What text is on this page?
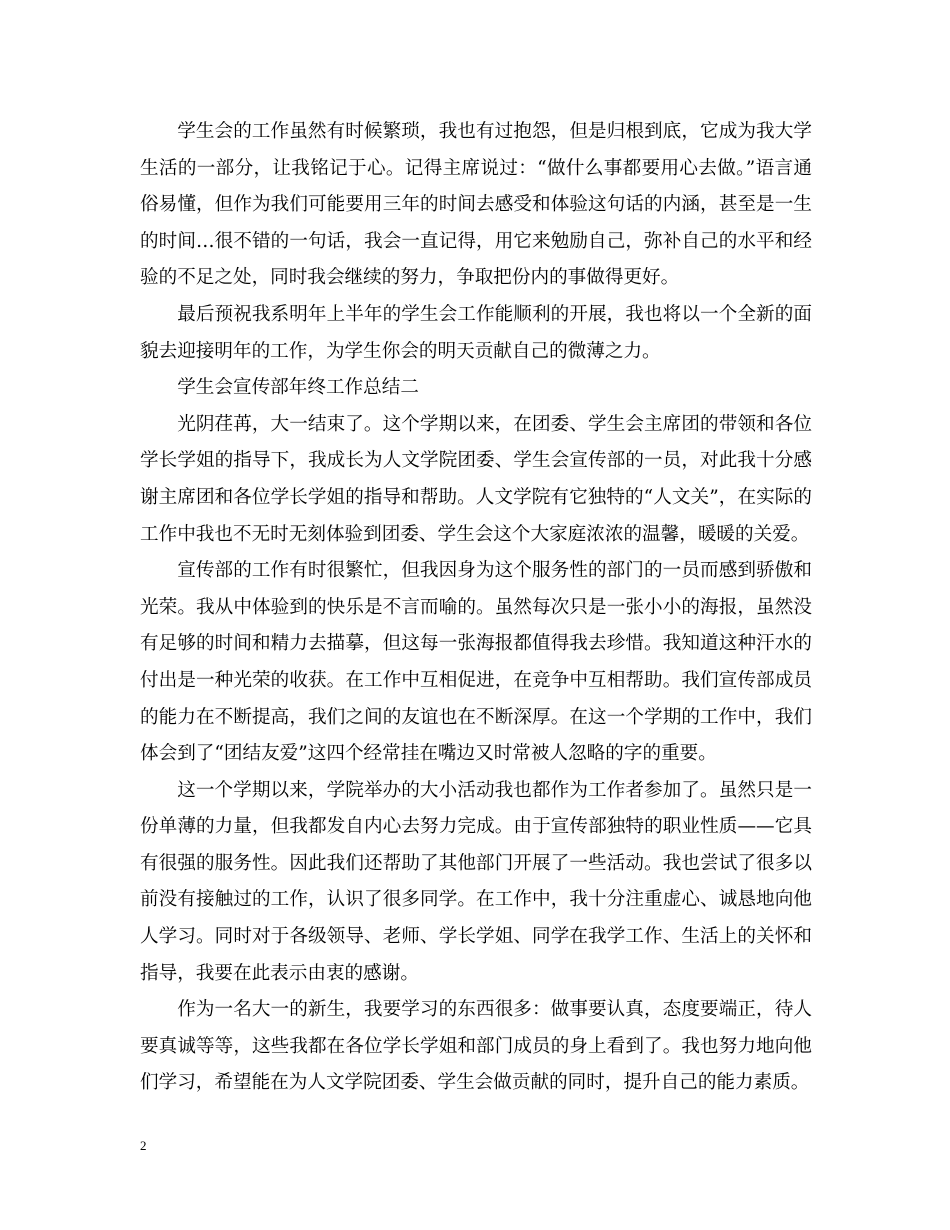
学生会的工作虽然有时候繁琐，我也有过抱怨，但是归根到底，它成为我大学生活的一部分，让我铭记于心。记得主席说过：“做什么事都要用心去做。”语言通俗易懂，但作为我们可能要用三年的时间去感受和体验这句话的内涵，甚至是一生的时间…很不错的一句话，我会一直记得，用它来勉励自己，弥补自己的水平和经验的不足之处，同时我会继续的努力，争取把份内的事做得更好。

最后预祝我系明年上半年的学生会工作能顺利的开展，我也将以一个全新的面貌去迎接明年的工作，为学生你会的明天贡献自己的微薄之力。

学生会宣传部年终工作总结二

光阴荏苒，大一结束了。这个学期以来，在团委、学生会主席团的带领和各位学长学姐的指导下，我成长为人文学院团委、学生会宣传部的一员，对此我十分感谢主席团和各位学长学姐的指导和帮助。人文学院有它独特的“人文关”，在实际的工作中我也不无时无刻体验到团委、学生会这个大家庭浓浓的温馨，暖暖的关爱。

宣传部的工作有时很繁忙，但我因身为这个服务性的部门的一员而感到骄傲和光荣。我从中体验到的快乐是不言而喻的。虽然每次只是一张小小的海报，虽然没有足够的时间和精力去描摹，但这每一张海报都值得我去珍惜。我知道这种汗水的付出是一种光荣的收获。在工作中互相促进，在竞争中互相帮助。我们宣传部成员的能力在不断提高，我们之间的友谊也在不断深厚。在这一个学期的工作中，我们体会到了“团结友爱”这四个经常挂在嘴边又时常被人忽略的字的重要。

这一个学期以来，学院举办的大小活动我也都作为工作者参加了。虽然只是一份单薄的力量，但我都发自内心去努力完成。由于宣传部独特的职业性质——它具有很强的服务性。因此我们还帮助了其他部门开展了一些活动。我也尝试了很多以前没有接触过的工作，认识了很多同学。在工作中，我十分注重虚心、诚恳地向他人学习。同时对于各级领导、老师、学长学姐、同学在我学工作、生活上的关怀和指导，我要在此表示由衷的感谢。

作为一名大一的新生，我要学习的东西很多：做事要认真，态度要端正，待人要真诚等等，这些我都在各位学长学姐和部门成员的身上看到了。我也努力地向他们学习，希望能在为人文学院团委、学生会做贡献的同时，提升自己的能力素质。

2
